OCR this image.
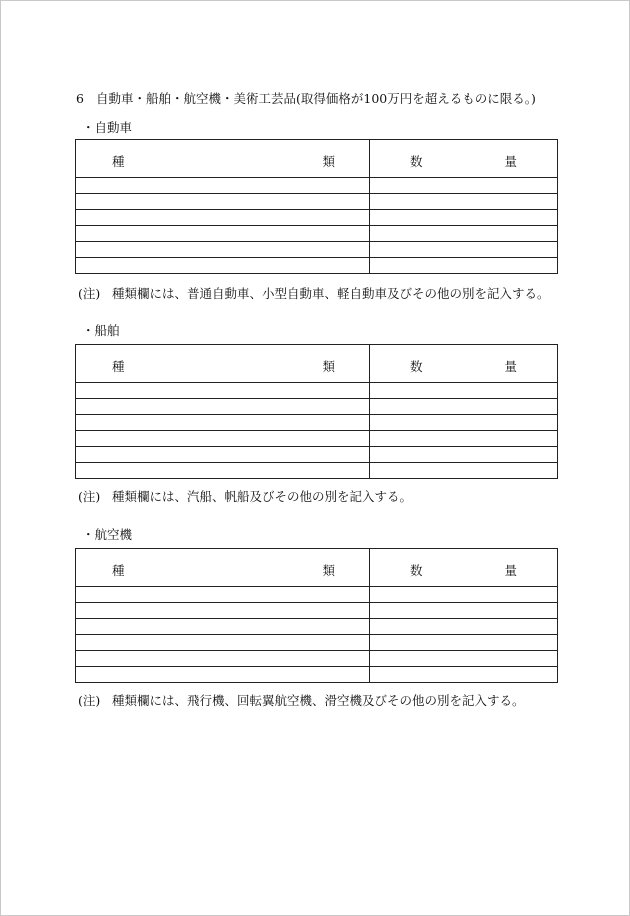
6 自動車・船舶・航空機・美術工芸品(取得価格が100万円を超えるものに限る。)
・自動車
種 類	数 量

(注) 種類欄には、普通自動車、小型自動車、軽自動車及びその他の別を記入する。
・船舶
種 類	数 量

(注) 種類欄には、汽船、帆船及びその他の別を記入する。
・航空機
種 類	数 量

(注) 種類欄には、飛行機、回転翼航空機、滑空機及びその他の別を記入する。
